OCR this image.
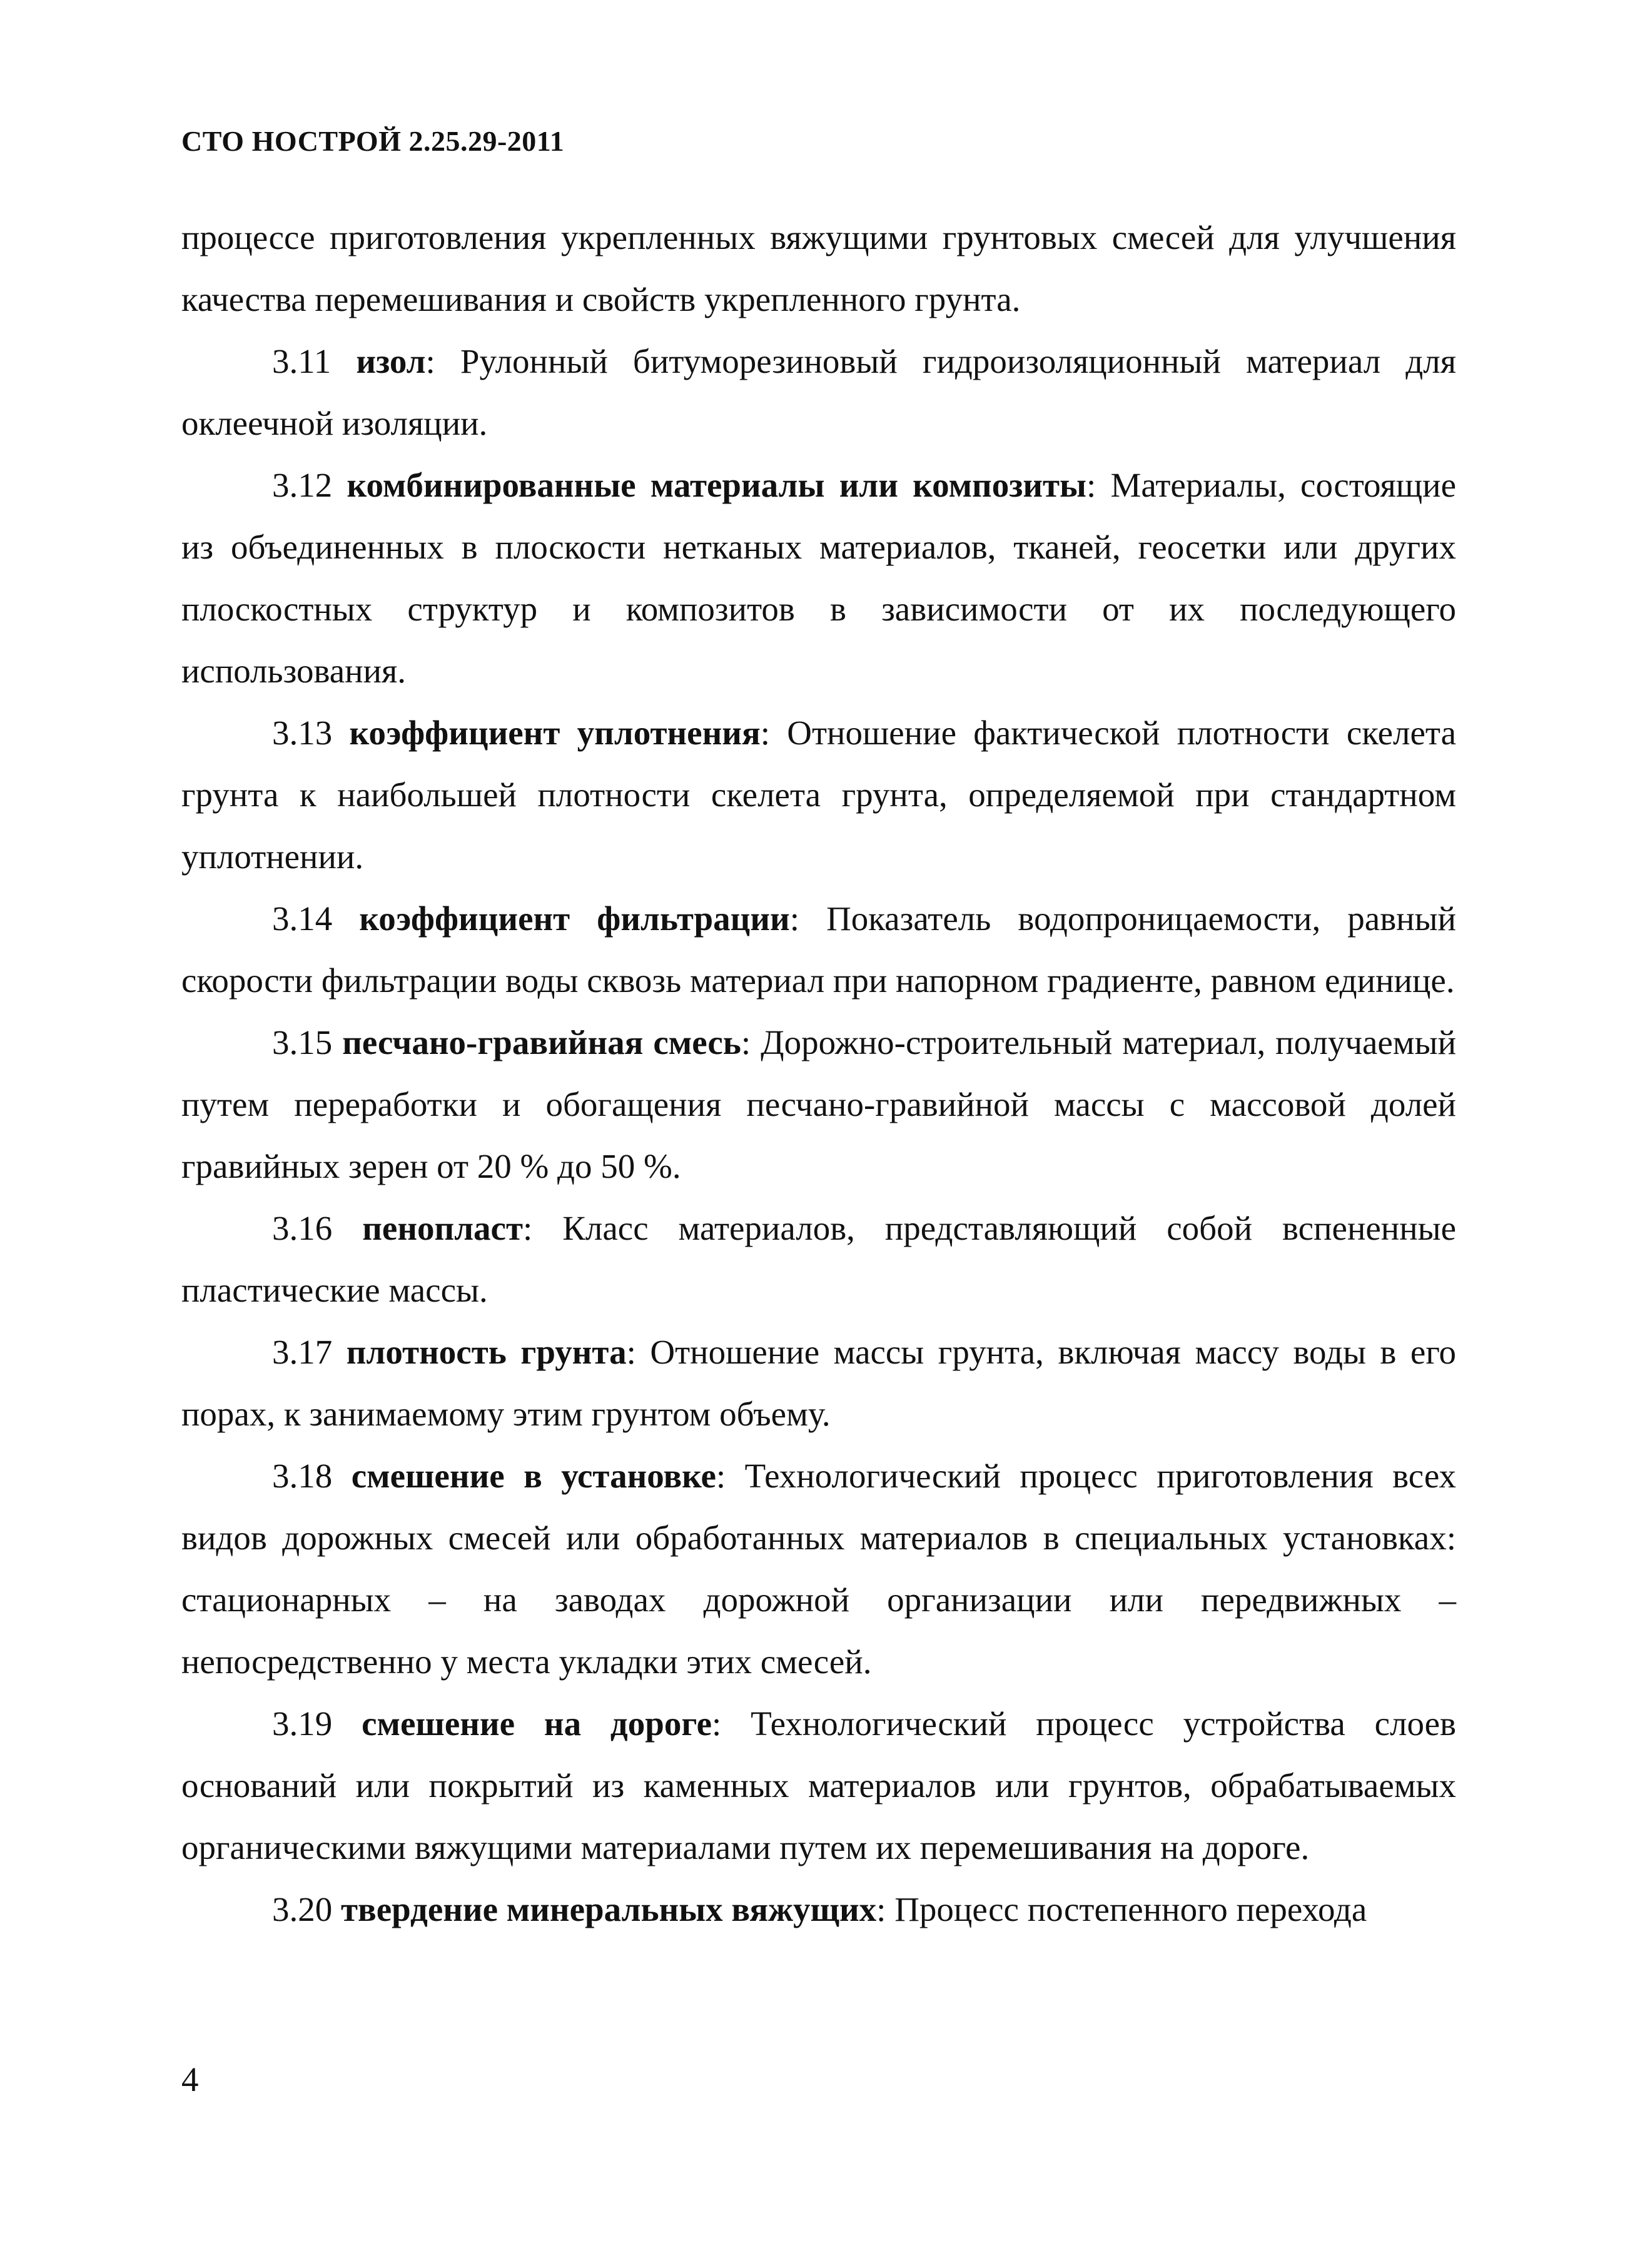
СТО НОСТРОЙ 2.25.29-2011

процессе приготовления укрепленных вяжущими грунтовых смесей для улучшения качества перемешивания и свойств укрепленного грунта.

3.11 изол: Рулонный битуморезиновый гидроизоляционный материал для оклеечной изоляции.

3.12 комбинированные материалы или композиты: Материалы, состоящие из объединенных в плоскости нетканых материалов, тканей, геосетки или других плоскостных структур и композитов в зависимости от их последующего использования.

3.13 коэффициент уплотнения: Отношение фактической плотности скелета грунта к наибольшей плотности скелета грунта, определяемой при стандартном уплотнении.

3.14 коэффициент фильтрации: Показатель водопроницаемости, равный скорости фильтрации воды сквозь материал при напорном градиенте, равном единице.

3.15 песчано-гравийная смесь: Дорожно-строительный материал, получаемый путем переработки и обогащения песчано-гравийной массы с массовой долей гравийных зерен от 20 % до 50 %.

3.16 пенопласт: Класс материалов, представляющий собой вспененные пластические массы.

3.17 плотность грунта: Отношение массы грунта, включая массу воды в его порах, к занимаемому этим грунтом объему.

3.18 смешение в установке: Технологический процесс приготовления всех видов дорожных смесей или обработанных материалов в специальных установках: стационарных – на заводах дорожной организации или передвижных – непосредственно у места укладки этих смесей.

3.19 смешение на дороге: Технологический процесс устройства слоев оснований или покрытий из каменных материалов или грунтов, обрабатываемых органическими вяжущими материалами путем их перемешивания на дороге.

3.20 твердение минеральных вяжущих: Процесс постепенного перехода

4
